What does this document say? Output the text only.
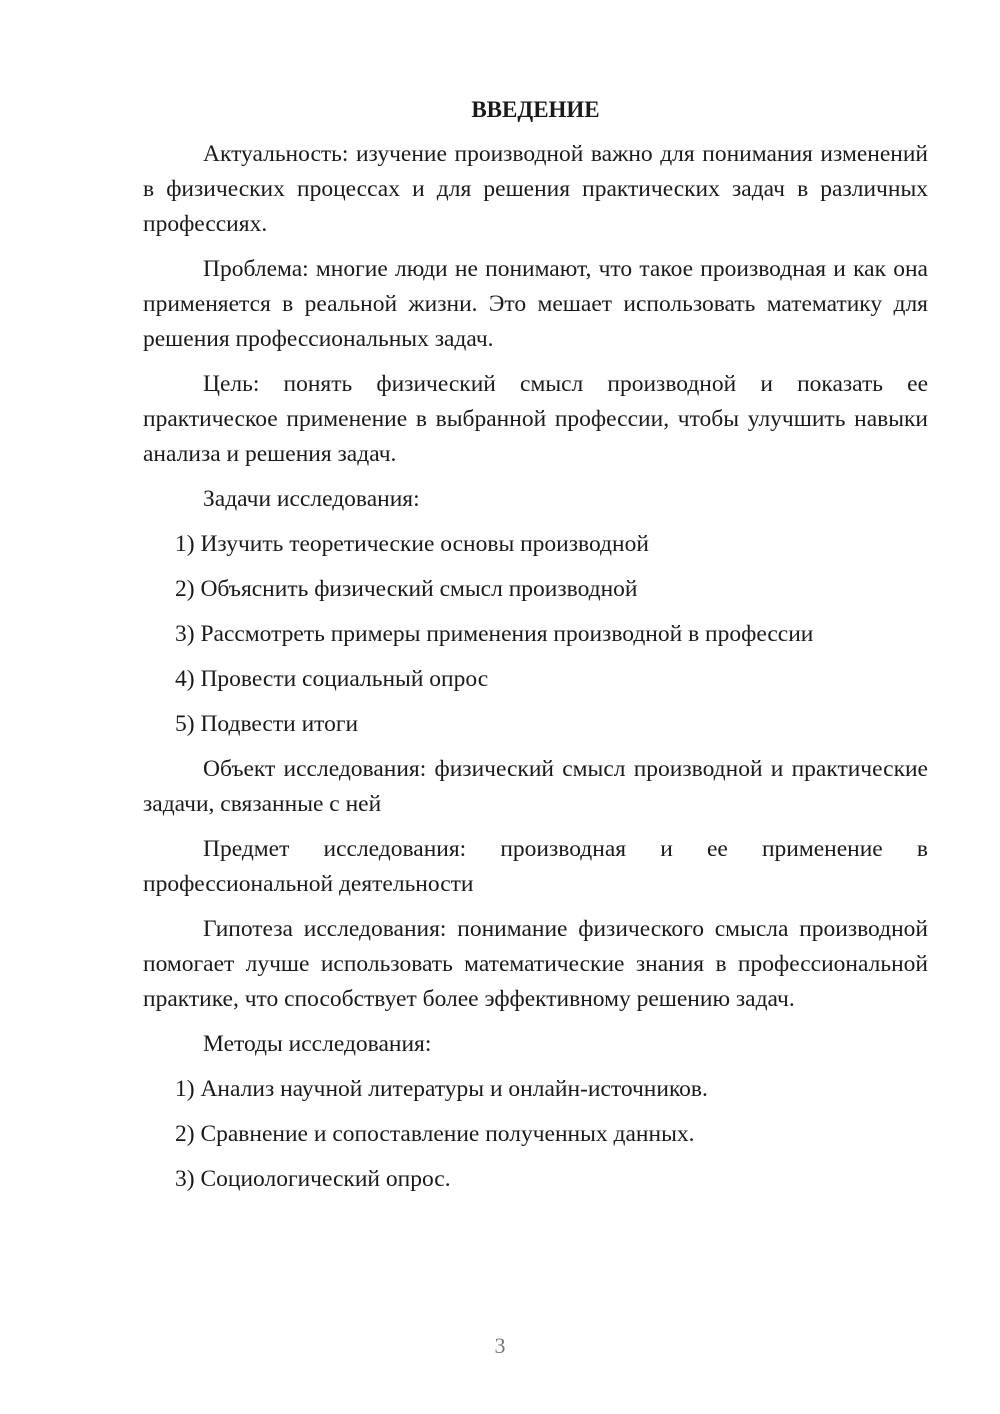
ВВЕДЕНИЕ
Актуальность: изучение производной важно для понимания изменений в физических процессах и для решения практических задач в различных профессиях.
Проблема: многие люди не понимают, что такое производная и как она применяется в реальной жизни. Это мешает использовать математику для решения профессиональных задач.
Цель: понять физический смысл производной и показать ее практическое применение в выбранной профессии, чтобы улучшить навыки анализа и решения задач.
Задачи исследования:
1) Изучить теоретические основы производной
2) Объяснить физический смысл производной
3) Рассмотреть примеры применения производной в профессии
4) Провести социальный опрос
5) Подвести итоги
Объект исследования: физический смысл производной и практические задачи, связанные с ней
Предмет исследования: производная и ее применение в профессиональной деятельности
Гипотеза исследования: понимание физического смысла производной помогает лучше использовать математические знания в профессиональной практике, что способствует более эффективному решению задач.
Методы исследования:
1) Анализ научной литературы и онлайн-источников.
2) Сравнение и сопоставление полученных данных.
3) Социологический опрос.
3
